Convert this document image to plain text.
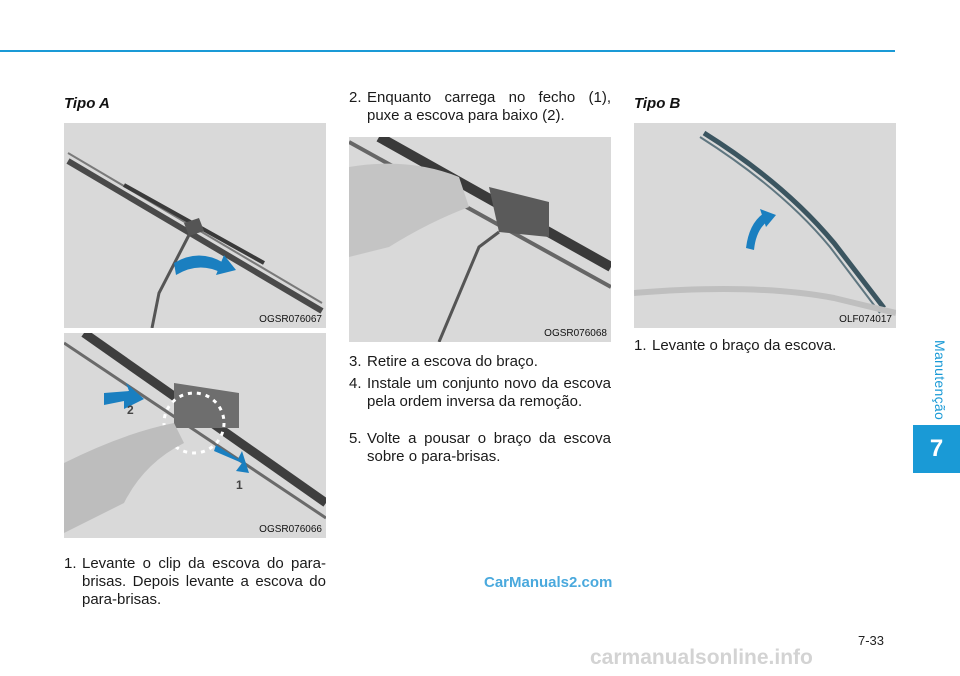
Manutenção
7
7-33
Tipo A
OGSR076067
2
1
OGSR076066
1. Levante o clip da escova do para-brisas. Depois levante a escova do para-brisas.
2. Enquanto carrega no fecho (1), puxe a escova para baixo (2).
OGSR076068
3. Retire a escova do braço.
4. Instale um conjunto novo da escova pela ordem inversa da remoção.
5. Volte a pousar o braço da escova sobre o para-brisas.
Tipo B
OLF074017
1. Levante o braço da escova.
CarManuals2.com
carmanualsonline.info
